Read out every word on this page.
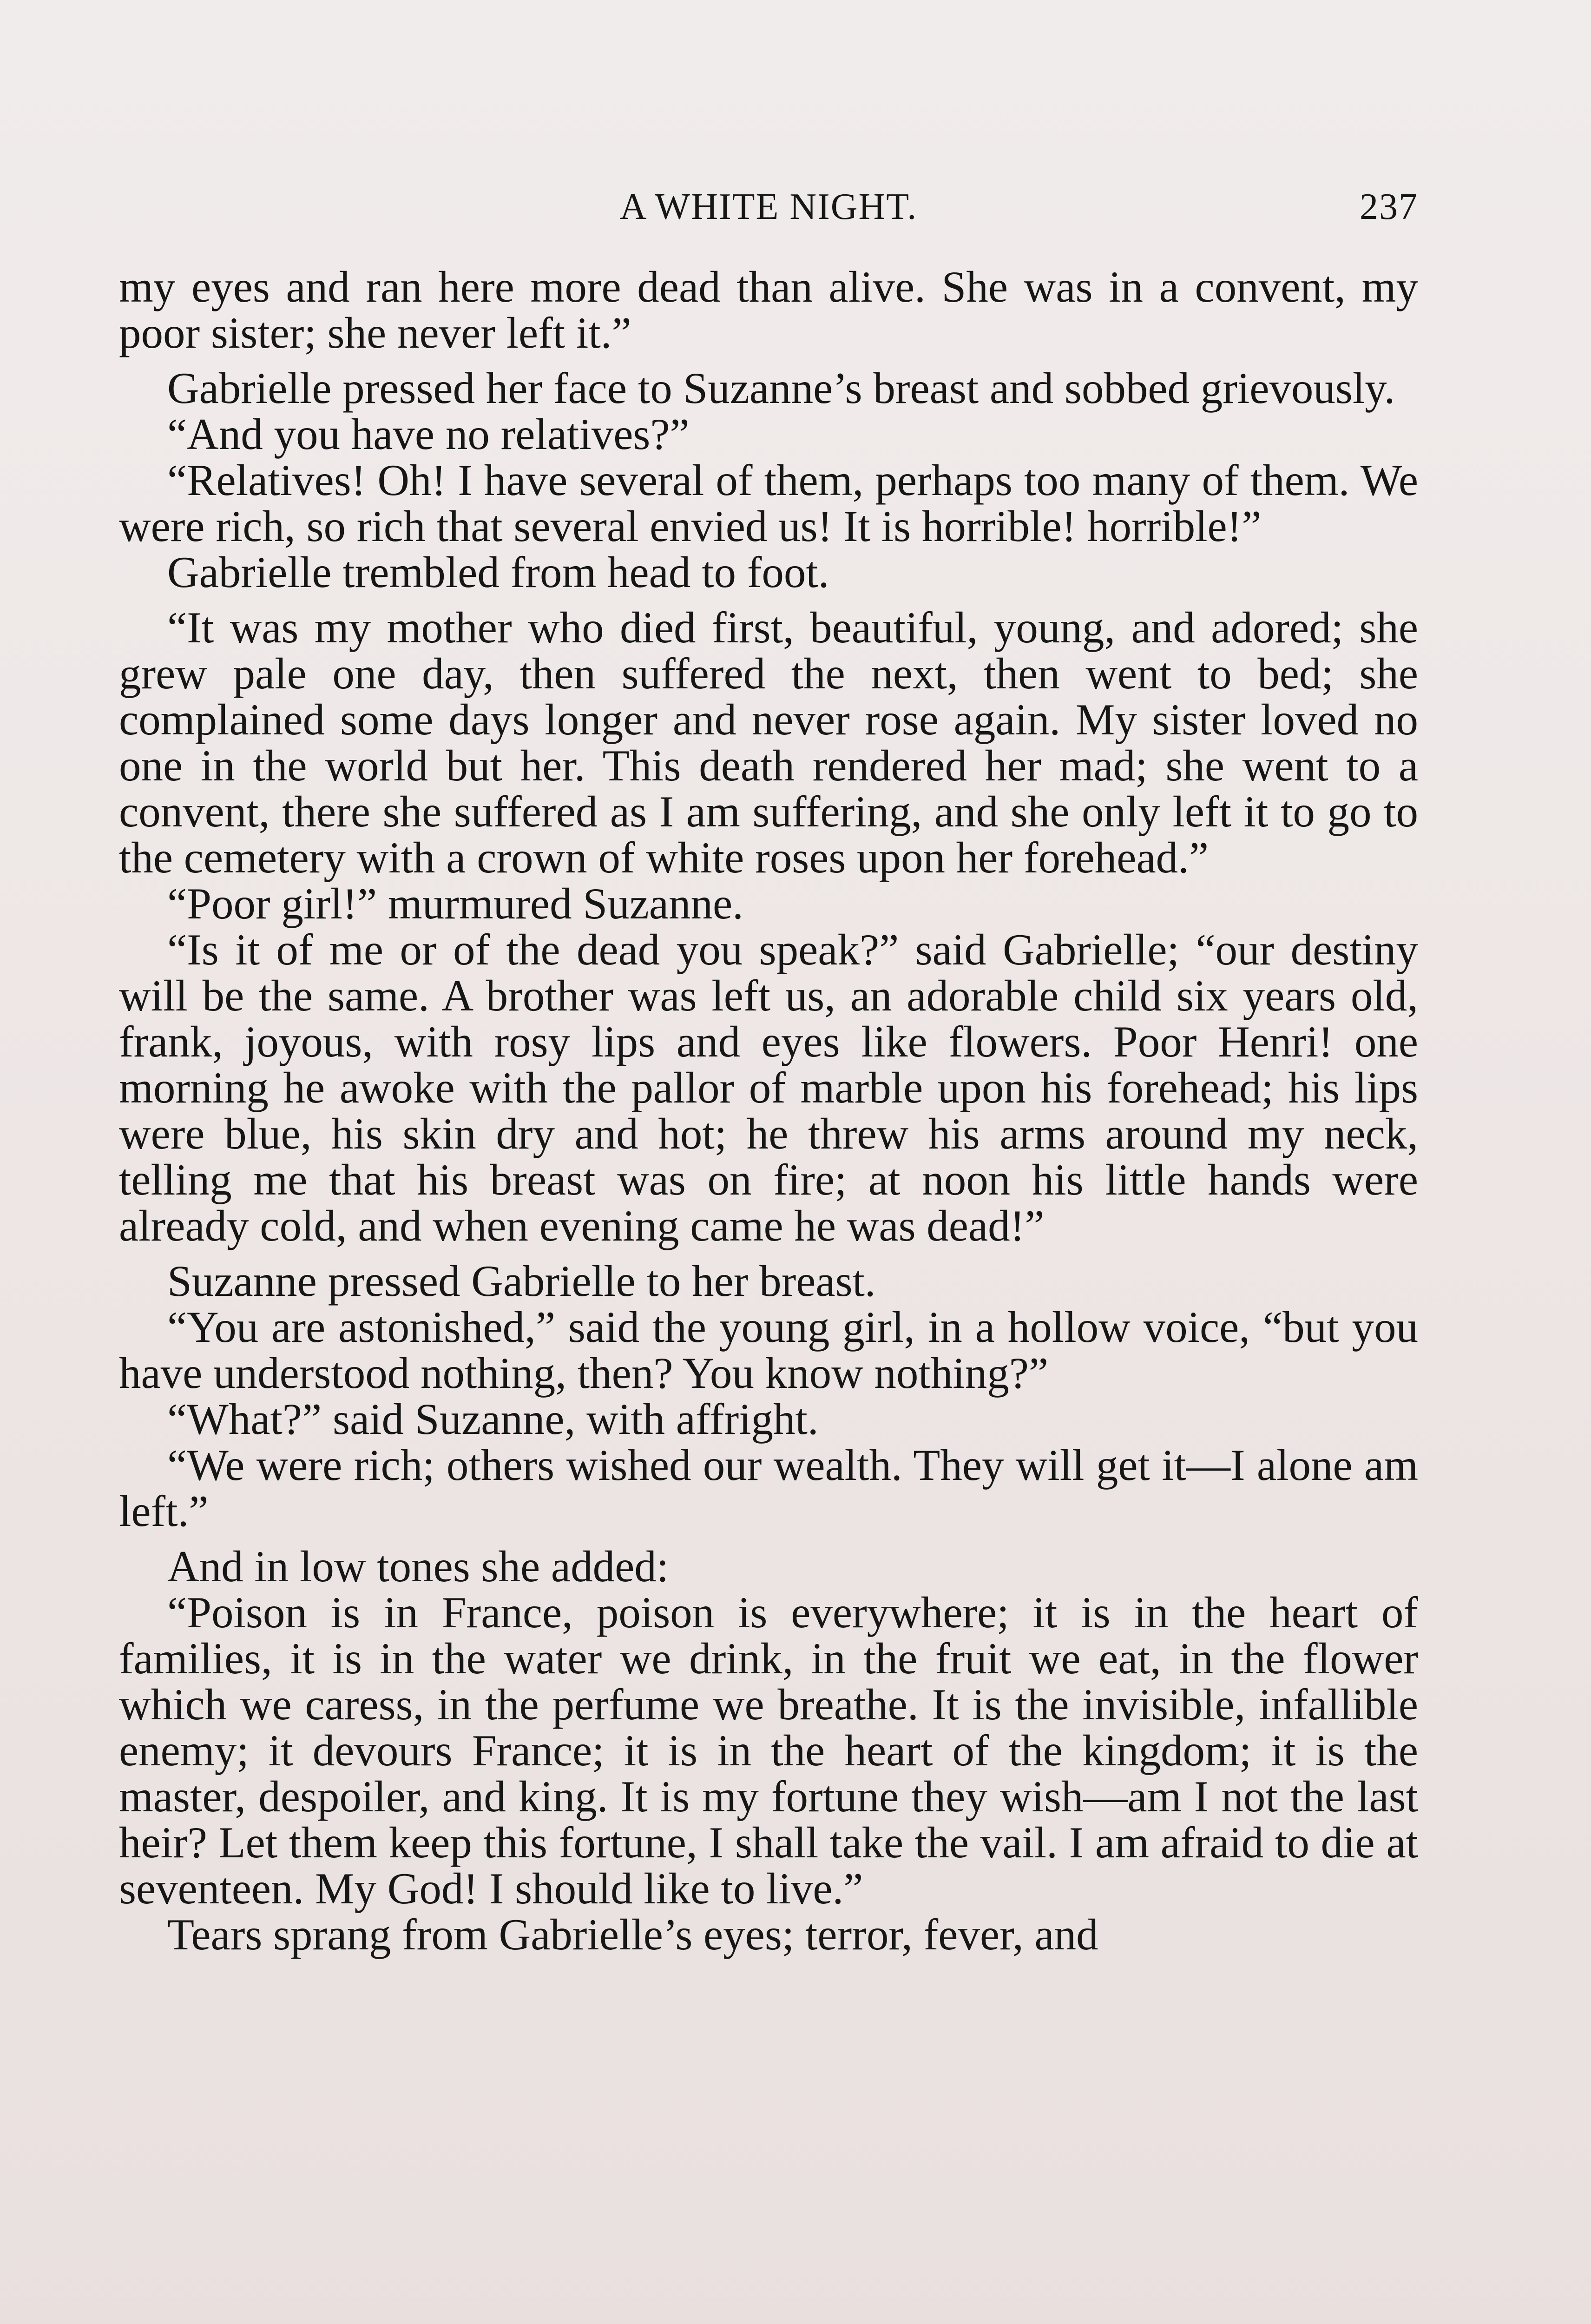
A WHITE NIGHT.	237

my eyes and ran here more dead than alive. She was in a convent, my poor sister; she never left it.”

Gabrielle pressed her face to Suzanne’s breast and sobbed grievously.

“And you have no relatives?”

“Relatives! Oh! I have several of them, perhaps too many of them. We were rich, so rich that several envied us! It is horrible! horrible!”

Gabrielle trembled from head to foot.

“It was my mother who died first, beautiful, young, and adored; she grew pale one day, then suffered the next, then went to bed; she complained some days longer and never rose again. My sister loved no one in the world but her. This death rendered her mad; she went to a convent, there she suffered as I am suffering, and she only left it to go to the cemetery with a crown of white roses upon her forehead.”

“Poor girl!” murmured Suzanne.

“Is it of me or of the dead you speak?” said Gabrielle; “our destiny will be the same. A brother was left us, an adorable child six years old, frank, joyous, with rosy lips and eyes like flowers. Poor Henri! one morning he awoke with the pallor of marble upon his forehead; his lips were blue, his skin dry and hot; he threw his arms around my neck, telling me that his breast was on fire; at noon his little hands were already cold, and when evening came he was dead!”

Suzanne pressed Gabrielle to her breast.

“You are astonished,” said the young girl, in a hollow voice, “but you have understood nothing, then? You know nothing?”

“What?” said Suzanne, with affright.

“We were rich; others wished our wealth. They will get it—I alone am left.”

And in low tones she added:

“Poison is in France, poison is everywhere; it is in the heart of families, it is in the water we drink, in the fruit we eat, in the flower which we caress, in the perfume we breathe. It is the invisible, infallible enemy; it devours France; it is in the heart of the kingdom; it is the master, despoiler, and king. It is my fortune they wish—am I not the last heir? Let them keep this fortune, I shall take the vail. I am afraid to die at seventeen. My God! I should like to live.”

Tears sprang from Gabrielle’s eyes; terror, fever, and
